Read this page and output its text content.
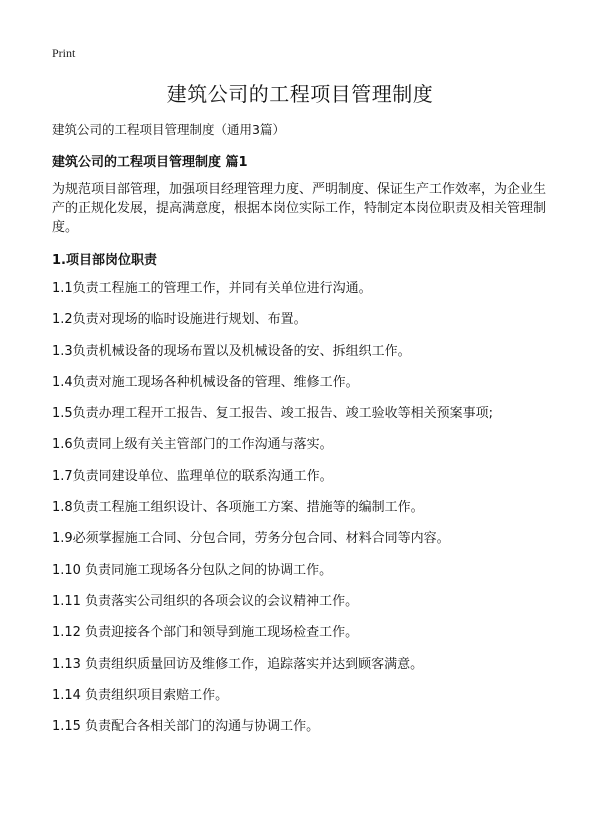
Print
建筑公司的工程项目管理制度

建筑公司的工程项目管理制度（通用3篇）

建筑公司的工程项目管理制度 篇1

为规范项目部管理，加强项目经理管理力度、严明制度、保证生产工作效率，为企业生产的正规化发展，提高满意度，根据本岗位实际工作，特制定本岗位职责及相关管理制度。

1.项目部岗位职责
1.1负责工程施工的管理工作，并同有关单位进行沟通。
1.2负责对现场的临时设施进行规划、布置。
1.3负责机械设备的现场布置以及机械设备的安、拆组织工作。
1.4负责对施工现场各种机械设备的管理、维修工作。
1.5负责办理工程开工报告、复工报告、竣工报告、竣工验收等相关预案事项;
1.6负责同上级有关主管部门的工作沟通与落实。
1.7负责同建设单位、监理单位的联系沟通工作。
1.8负责工程施工组织设计、各项施工方案、措施等的编制工作。
1.9必须掌握施工合同、分包合同，劳务分包合同、材料合同等内容。
1.10 负责同施工现场各分包队之间的协调工作。
1.11 负责落实公司组织的各项会议的会议精神工作。
1.12 负责迎接各个部门和领导到施工现场检查工作。
1.13 负责组织质量回访及维修工作，追踪落实并达到顾客满意。
1.14 负责组织项目索赔工作。
1.15 负责配合各相关部门的沟通与协调工作。
